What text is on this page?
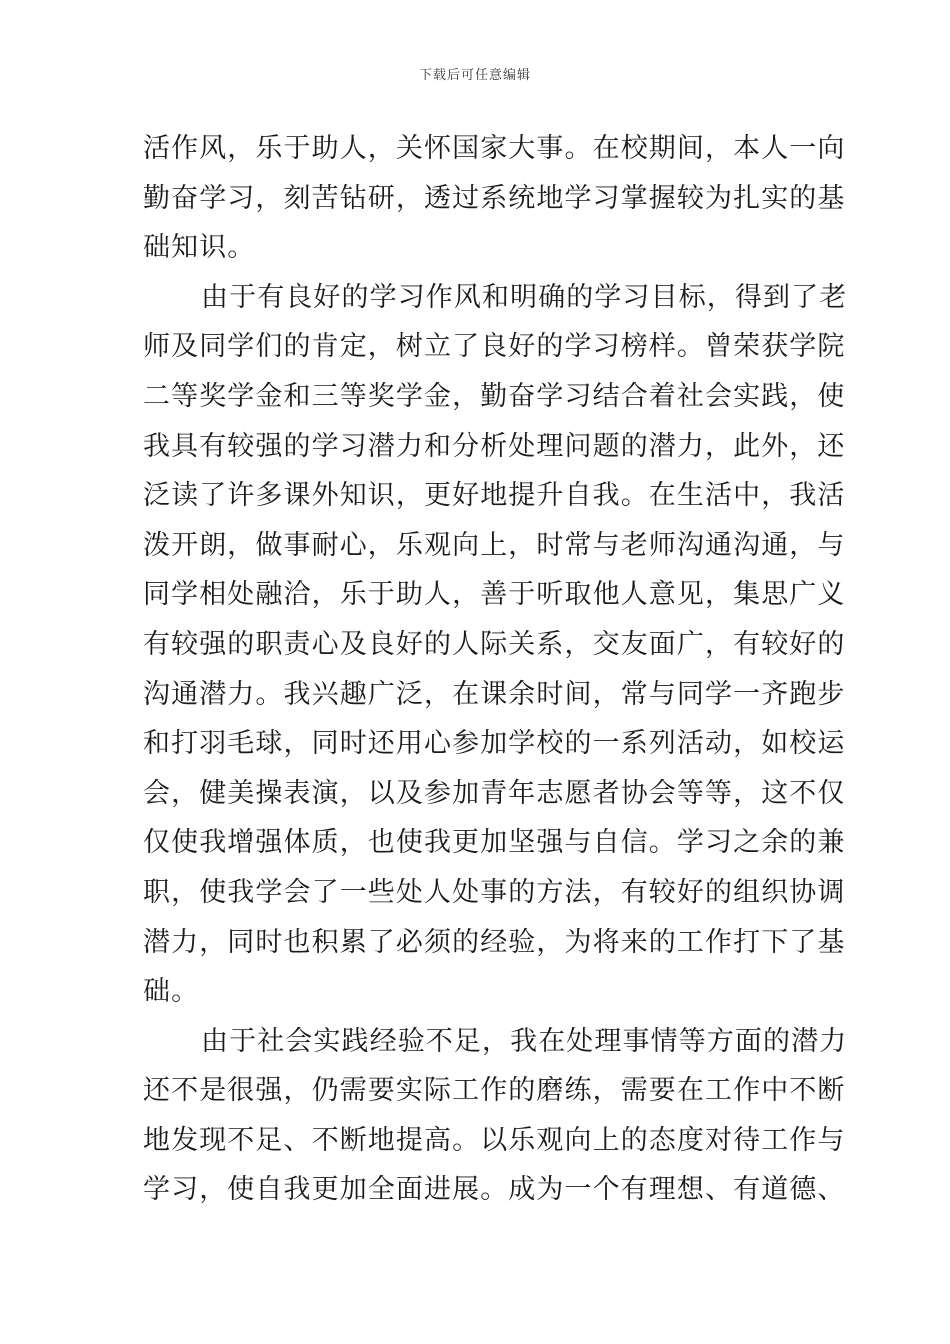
下载后可任意编辑
活作风，乐于助人，关怀国家大事。在校期间，本人一向
勤奋学习，刻苦钻研，透过系统地学习掌握较为扎实的基
础知识。
由于有良好的学习作风和明确的学习目标，得到了老
师及同学们的肯定，树立了良好的学习榜样。曾荣获学院
二等奖学金和三等奖学金，勤奋学习结合着社会实践，使
我具有较强的学习潜力和分析处理问题的潜力，此外，还
泛读了许多课外知识，更好地提升自我。在生活中，我活
泼开朗，做事耐心，乐观向上，时常与老师沟通沟通，与
同学相处融洽，乐于助人，善于听取他人意见，集思广义
有较强的职责心及良好的人际关系，交友面广，有较好的
沟通潜力。我兴趣广泛，在课余时间，常与同学一齐跑步
和打羽毛球，同时还用心参加学校的一系列活动，如校运
会，健美操表演，以及参加青年志愿者协会等等，这不仅
仅使我增强体质，也使我更加坚强与自信。学习之余的兼
职，使我学会了一些处人处事的方法，有较好的组织协调
潜力，同时也积累了必须的经验，为将来的工作打下了基
础。
由于社会实践经验不足，我在处理事情等方面的潜力
还不是很强，仍需要实际工作的磨练，需要在工作中不断
地发现不足、不断地提高。以乐观向上的态度对待工作与
学习，使自我更加全面进展。成为一个有理想、有道德、
